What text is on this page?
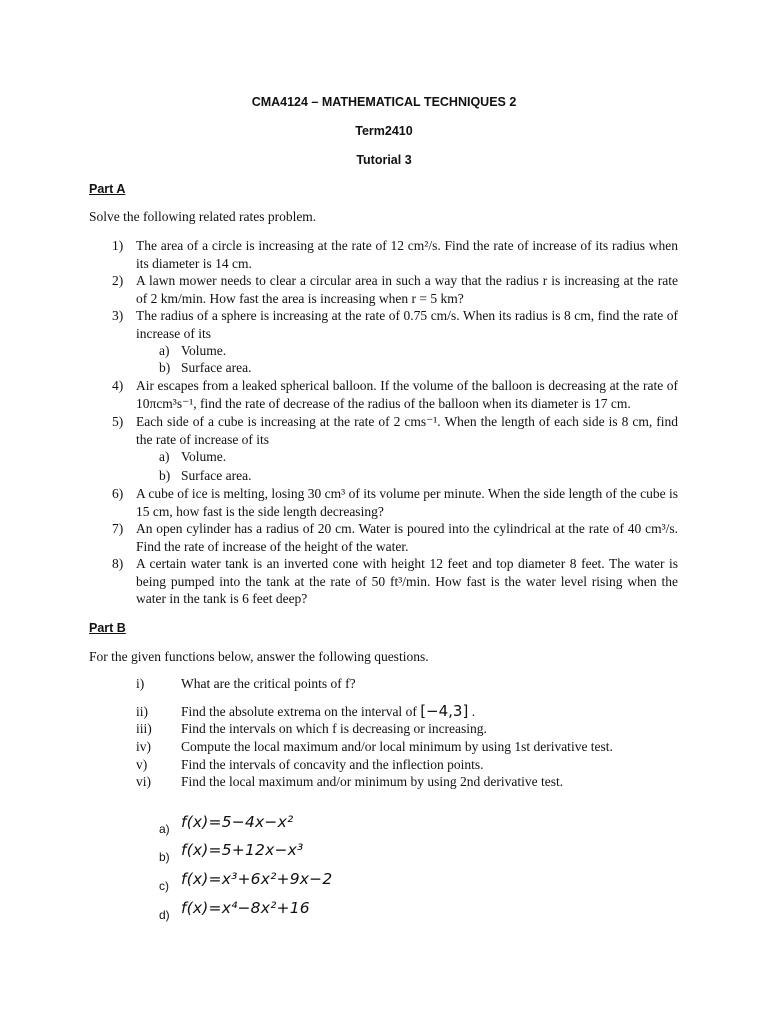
CMA4124 – MATHEMATICAL TECHNIQUES 2
Term2410
Tutorial 3
Part A
Solve the following related rates problem.
1) The area of a circle is increasing at the rate of 12 cm²/s. Find the rate of increase of its radius when its diameter is 14 cm.
2) A lawn mower needs to clear a circular area in such a way that the radius r is increasing at the rate of 2 km/min. How fast the area is increasing when r = 5 km?
3) The radius of a sphere is increasing at the rate of 0.75 cm/s. When its radius is 8 cm, find the rate of increase of its
a) Volume.
b) Surface area.
4) Air escapes from a leaked spherical balloon. If the volume of the balloon is decreasing at the rate of 10πcm³s⁻¹, find the rate of decrease of the radius of the balloon when its diameter is 17 cm.
5) Each side of a cube is increasing at the rate of 2 cms⁻¹. When the length of each side is 8 cm, find the rate of increase of its
a) Volume.
b) Surface area.
6) A cube of ice is melting, losing 30 cm³ of its volume per minute. When the side length of the cube is 15 cm, how fast is the side length decreasing?
7) An open cylinder has a radius of 20 cm. Water is poured into the cylindrical at the rate of 40 cm³/s. Find the rate of increase of the height of the water.
8) A certain water tank is an inverted cone with height 12 feet and top diameter 8 feet. The water is being pumped into the tank at the rate of 50 ft³/min. How fast is the water level rising when the water in the tank is 6 feet deep?
Part B
For the given functions below, answer the following questions.
i)	What are the critical points of f?
ii) Find the absolute extrema on the interval of [−4,3] .
iii) Find the intervals on which f is decreasing or increasing.
iv) Compute the local maximum and/or local minimum by using 1st derivative test.
v)	Find the intervals of concavity and the inflection points.
vi) Find the local maximum and/or minimum by using 2nd derivative test.
a) f(x)=5−4x−x²
b) f(x)=5+12x−x³
c) f(x)=x³+6x²+9x−2
d) f(x)=x⁴−8x²+16
